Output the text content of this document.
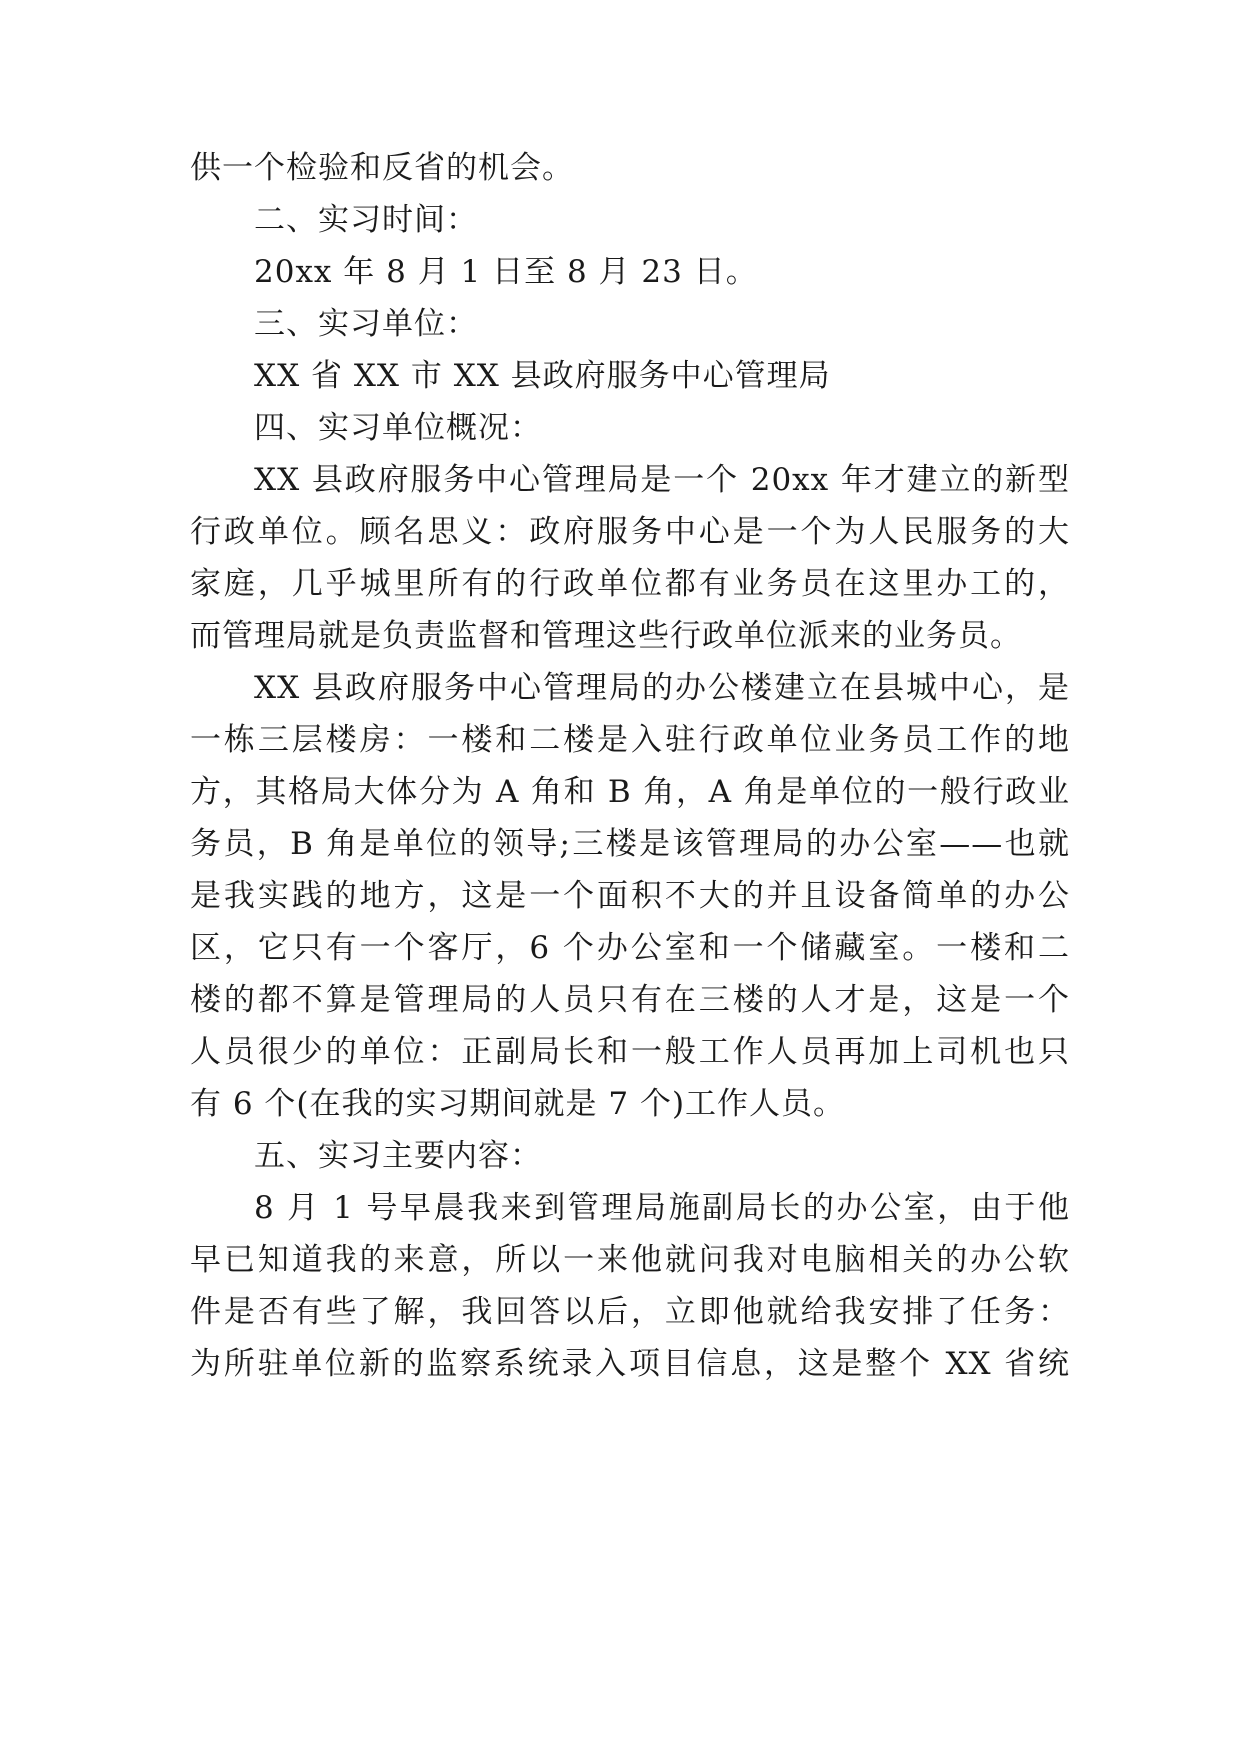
供一个检验和反省的机会。
二、实习时间：
20xx 年 8 月 1 日至 8 月 23 日。
三、实习单位：
XX 省 XX 市 XX 县政府服务中心管理局
四、实习单位概况：
XX 县政府服务中心管理局是一个 20xx 年才建立的新型
行政单位。顾名思义：政府服务中心是一个为人民服务的大
家庭，几乎城里所有的行政单位都有业务员在这里办工的，
而管理局就是负责监督和管理这些行政单位派来的业务员。
XX 县政府服务中心管理局的办公楼建立在县城中心，是
一栋三层楼房：一楼和二楼是入驻行政单位业务员工作的地
方，其格局大体分为 A 角和 B 角，A 角是单位的一般行政业
务员，B 角是单位的领导;三楼是该管理局的办公室——也就
是我实践的地方，这是一个面积不大的并且设备简单的办公
区，它只有一个客厅，6 个办公室和一个储藏室。一楼和二
楼的都不算是管理局的人员只有在三楼的人才是，这是一个
人员很少的单位：正副局长和一般工作人员再加上司机也只
有 6 个(在我的实习期间就是 7 个)工作人员。
五、实习主要内容：
8 月 1 号早晨我来到管理局施副局长的办公室，由于他
早已知道我的来意，所以一来他就问我对电脑相关的办公软
件是否有些了解，我回答以后，立即他就给我安排了任务：
为所驻单位新的监察系统录入项目信息，这是整个 XX 省统
